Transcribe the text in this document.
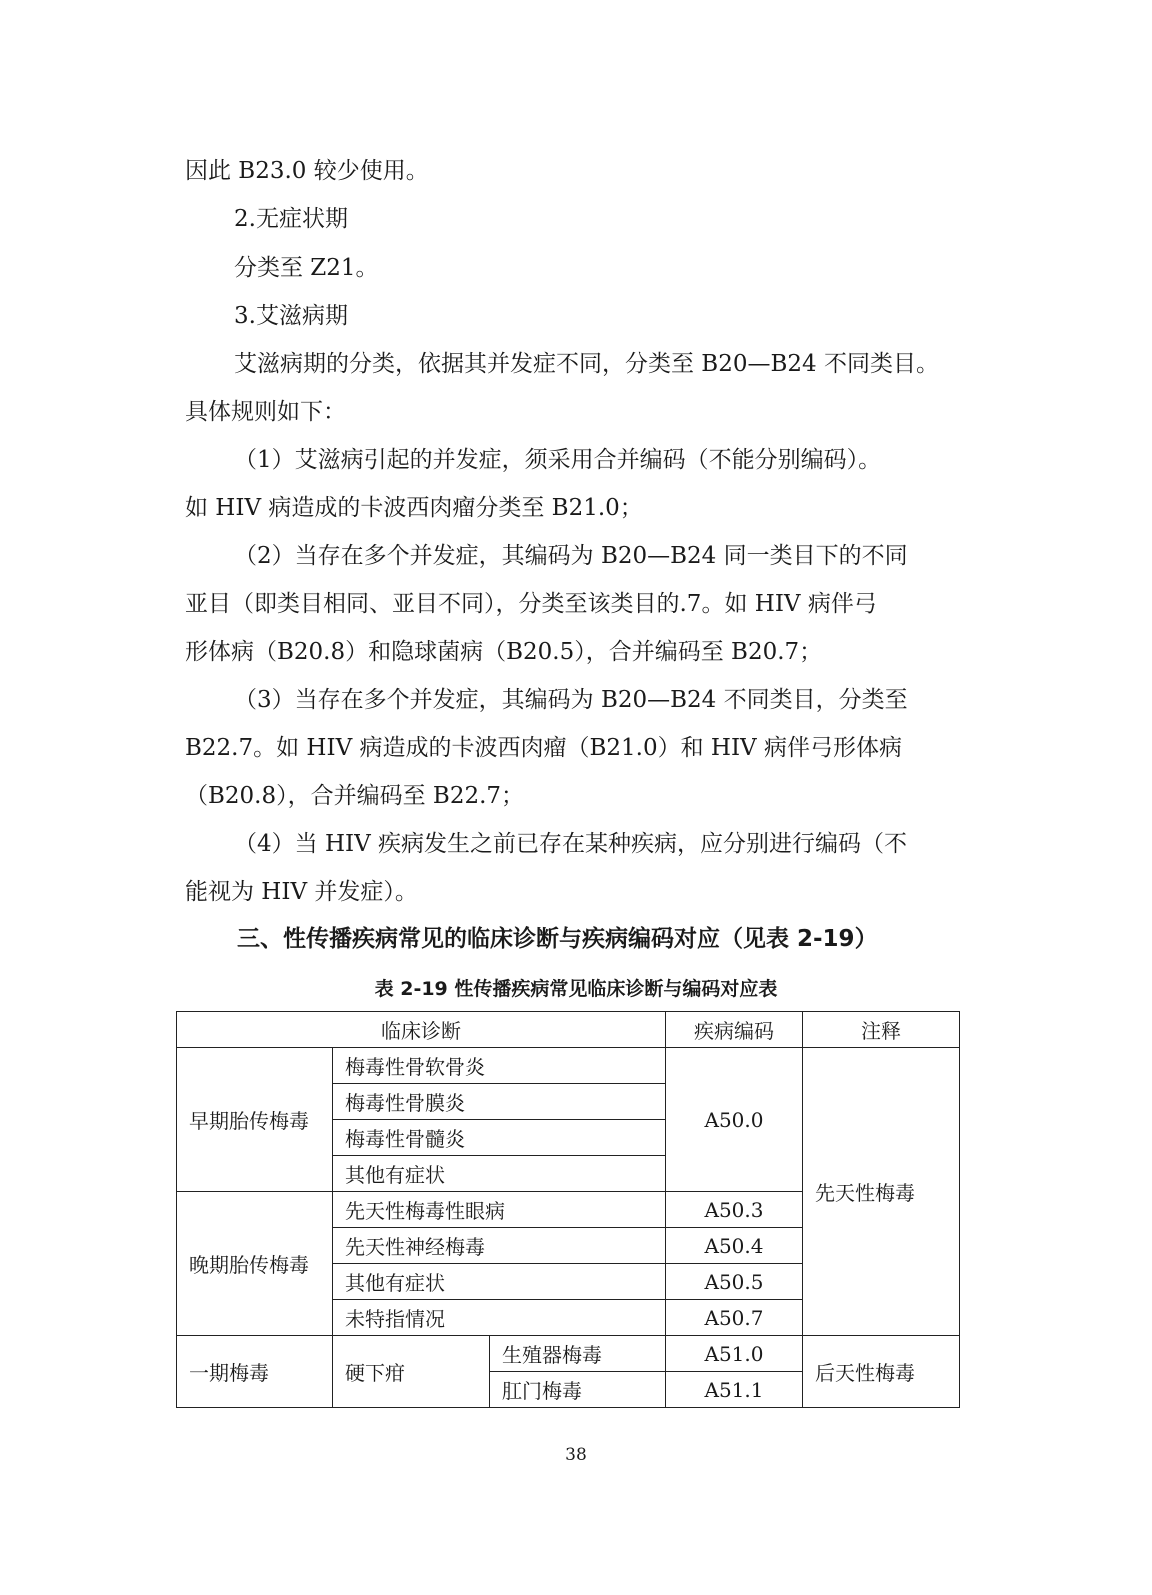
因此 B23.0 较少使用。
2.无症状期
分类至 Z21。
3.艾滋病期
艾滋病期的分类，依据其并发症不同，分类至 B20—B24 不同类目。
具体规则如下：
（1）艾滋病引起的并发症，须采用合并编码（不能分别编码）。
如 HIV 病造成的卡波西肉瘤分类至 B21.0；
（2）当存在多个并发症，其编码为 B20—B24 同一类目下的不同
亚目（即类目相同、亚目不同），分类至该类目的.7。如 HIV 病伴弓
形体病（B20.8）和隐球菌病（B20.5），合并编码至 B20.7；
（3）当存在多个并发症，其编码为 B20—B24 不同类目，分类至
B22.7。如 HIV 病造成的卡波西肉瘤（B21.0）和 HIV 病伴弓形体病
（B20.8），合并编码至 B22.7；
（4）当 HIV 疾病发生之前已存在某种疾病，应分别进行编码（不
能视为 HIV 并发症）。
三、性传播疾病常见的临床诊断与疾病编码对应（见表 2-19）
表 2-19 性传播疾病常见临床诊断与编码对应表
临床诊断			疾病编码	注释
早期胎传梅毒	梅毒性骨软骨炎		A50.0	先天性梅毒
	梅毒性骨膜炎			
	梅毒性骨髓炎			
	其他有症状			
晚期胎传梅毒	先天性梅毒性眼病		A50.3	
	先天性神经梅毒		A50.4	
	其他有症状		A50.5	
	未特指情况		A50.7	
一期梅毒	硬下疳	生殖器梅毒	A51.0	后天性梅毒
		肛门梅毒	A51.1	
38
